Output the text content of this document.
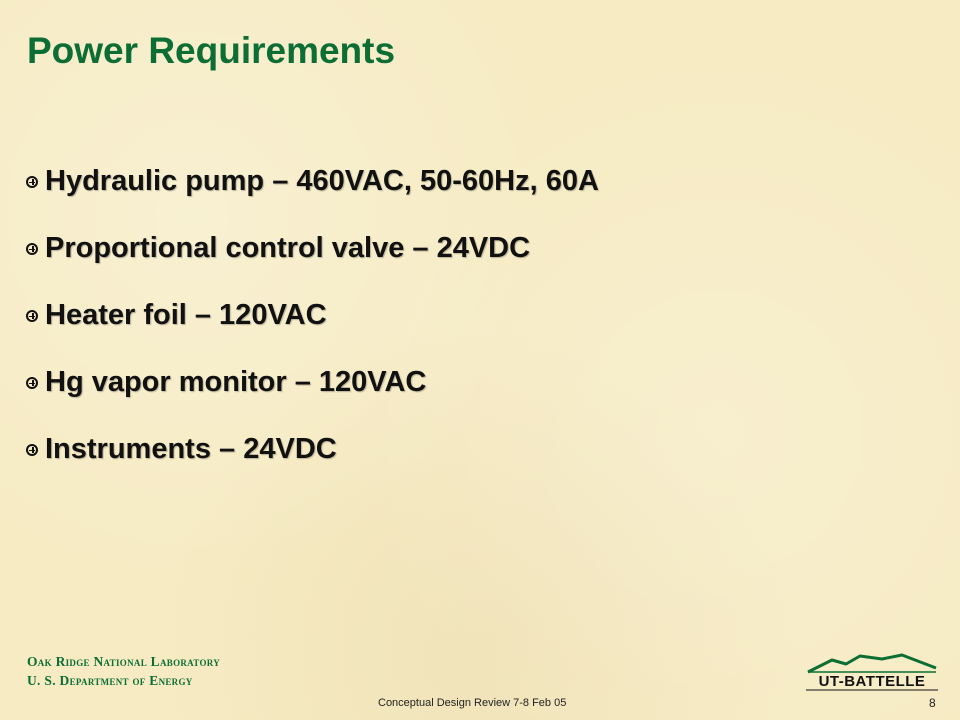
Power Requirements
Hydraulic pump – 460VAC, 50-60Hz, 60A
Proportional control valve – 24VDC
Heater foil – 120VAC
Hg vapor monitor – 120VAC
Instruments – 24VDC
Oak Ridge National Laboratory
U. S. Department of Energy
Conceptual Design Review 7-8 Feb 05	8
UT-BATTELLE
